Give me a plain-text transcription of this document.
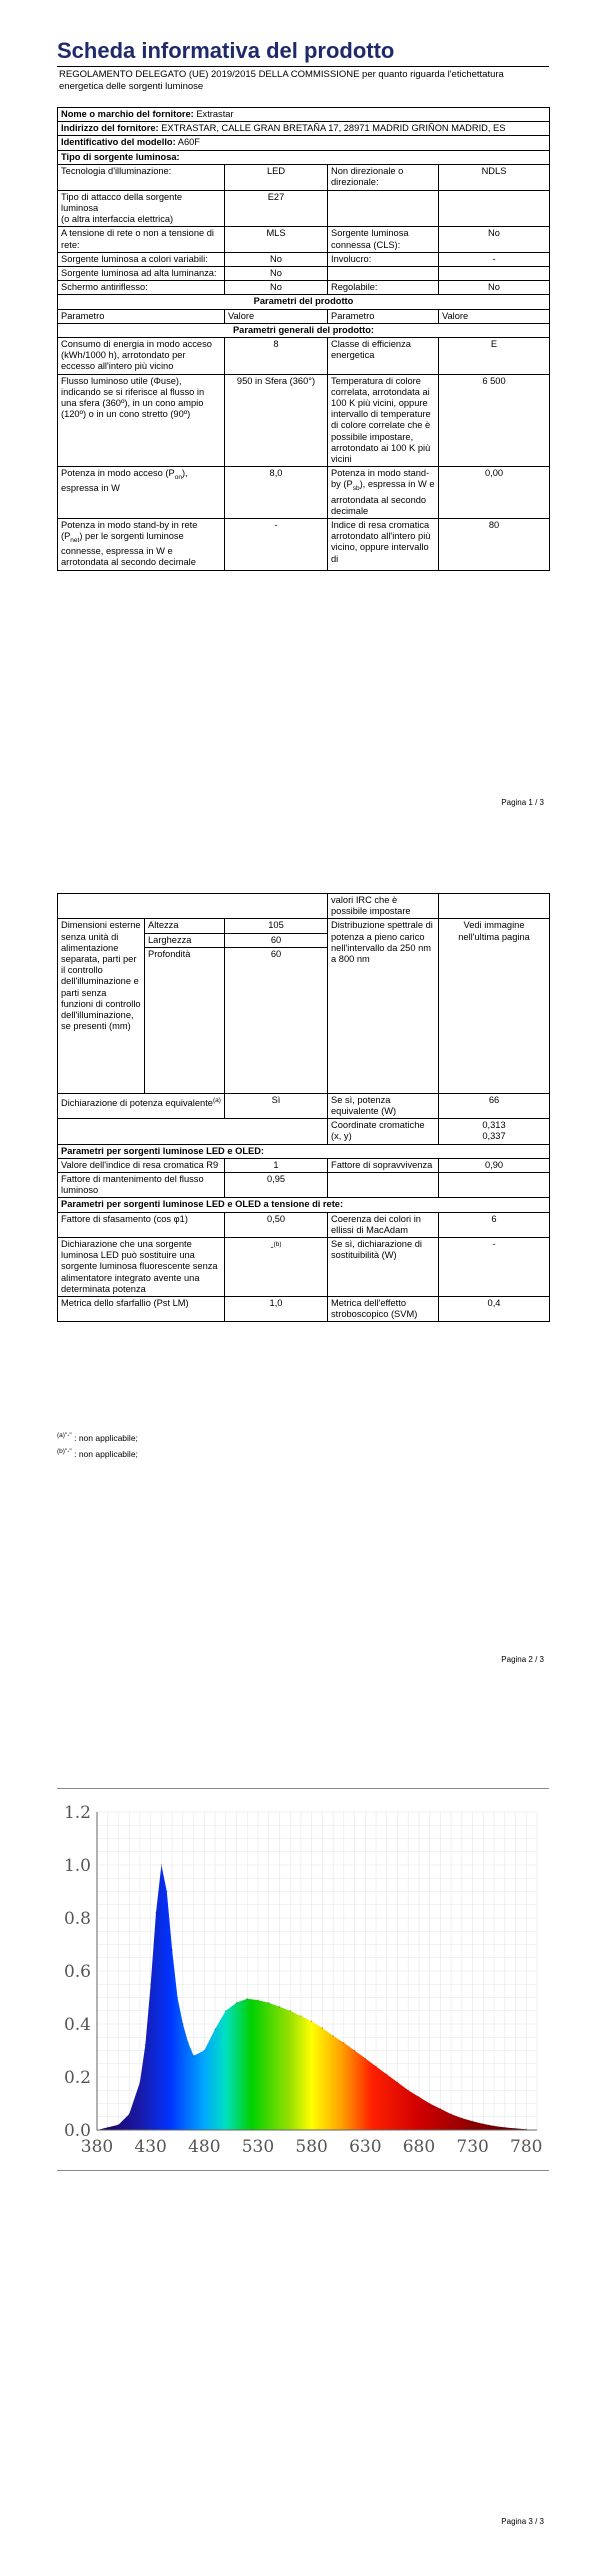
Scheda informativa del prodotto
REGOLAMENTO DELEGATO (UE) 2019/2015 DELLA COMMISSIONE per quanto riguarda l'etichettatura energetica delle sorgenti luminose
Nome o marchio del fornitore: Extrastar			
Indirizzo del fornitore: EXTRASTAR, CALLE GRAN BRETAÑA 17, 28971 MADRID GRIÑON MADRID, ES			
Identificativo del modello: A60F			
Tipo di sorgente luminosa:			
Tecnologia d'illuminazione:	LED	Non direzionale o direzionale:	NDLS

Tipo di attacco della sorgente luminosa
(o altra interfaccia elettrica)	E27		
A tensione di rete o non a tensione di rete:	MLS	Sorgente luminosa connessa (CLS):	No
Sorgente luminosa a colori variabili:	No	Involucro:	-
Sorgente luminosa ad alta luminanza:	No		
Schermo antiriflesso:	No	Regolabile:	No
Parametri del prodotto			
Parametro	Valore	Parametro	Valore
Parametri generali del prodotto:			
Consumo di energia in modo acceso (kWh/1000 h), arrotondato per eccesso all'intero più vicino	8	Classe di efficienza energetica	E
Flusso luminoso utile (Φuse), indicando se si riferisce al flusso in una sfera (360º), in un cono ampio (120º) o in un cono stretto (90º)	950 in Sfera (360°)	Temperatura di colore correlata, arrotondata ai 100 K più vicini, oppure intervallo di temperature di colore correlate che è possibile impostare, arrotondato ai 100 K più vicini	6 500
Potenza in modo acceso $(P_{on})$, espressa in W	8,0	Potenza in modo stand-by $(P_{sb})$, espressa in W e arrotondata al secondo decimale	0,00
Potenza in modo stand-by in rete $(P_{net})$ per le sorgenti luminose connesse, espressa in W e arrotondata al secondo decimale	-	Indice di resa cromatica arrotondato all'intero più vicino, oppure intervallo di	80
Pagina 1 / 3
			valori IRC che è possibile impostare	
Dimensioni esterne senza unità di alimentazione separata, parti per il controllo dell'illuminazione e parti senza funzioni di controllo dell'illuminazione, se presenti (mm)	Altezza	105	Distribuzione spettrale di potenza a pieno carico nell'intervallo da 250 nm a 800 nm	Vedi immagine nell'ultima pagina
	Larghezza	60		
	Profondità	60		
Dichiarazione di potenza equivalente$^{(a)}$		Sì	Se sì, potenza equivalente (W)	66
			Coordinate cromatiche (x, y)	0,313
0,337

Parametri per sorgenti luminose LED e OLED:				
Valore dell'indice di resa cromatica R9		1	Fattore di sopravvivenza	0,90
Fattore di mantenimento del flusso luminoso		0,95		
Parametri per sorgenti luminose LED e OLED a tensione di rete:				
Fattore di sfasamento (cos φ1)		0,50	Coerenza dei colori in ellissi di MacAdam	6
Dichiarazione che una sorgente luminosa LED può sostituire una sorgente luminosa fluorescente senza alimentatore integrato avente una determinata potenza		-$^{(b)}$	Se sì, dichiarazione di sostituibilità (W)	-
Metrica dello sfarfallio (Pst LM)		1,0	Metrica dell'effetto stroboscopico (SVM)	0,4
$^{(a)"-"}$ : non applicabile;
$^{(b)"-"}$ : non applicabile;
Pagina 2 / 3
0.0
0.2
0.4
0.6
0.8
1.0
1.2
380 430 480 530 580 630 680 730 780
Pagina 3 / 3
